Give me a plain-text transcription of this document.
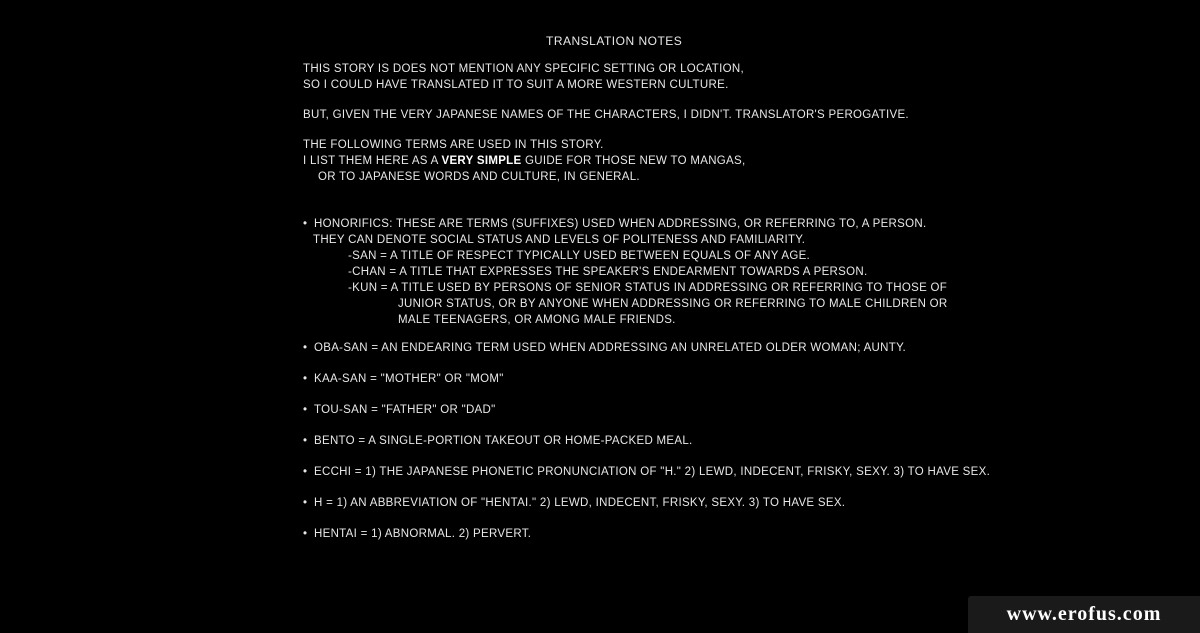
TRANSLATION NOTES
THIS STORY IS DOES NOT MENTION ANY SPECIFIC SETTING OR LOCATION,
SO I COULD HAVE TRANSLATED IT TO SUIT A MORE WESTERN CULTURE.
BUT, GIVEN THE VERY JAPANESE NAMES OF THE CHARACTERS, I DIDN'T. TRANSLATOR'S PEROGATIVE.
THE FOLLOWING TERMS ARE USED IN THIS STORY.
I LIST THEM HERE AS A VERY SIMPLE GUIDE FOR THOSE NEW TO MANGAS,
OR TO JAPANESE WORDS AND CULTURE, IN GENERAL.
• HONORIFICS: THESE ARE TERMS (SUFFIXES) USED WHEN ADDRESSING, OR REFERRING TO, A PERSON.
THEY CAN DENOTE SOCIAL STATUS AND LEVELS OF POLITENESS AND FAMILIARITY.
-SAN = A TITLE OF RESPECT TYPICALLY USED BETWEEN EQUALS OF ANY AGE.
-CHAN = A TITLE THAT EXPRESSES THE SPEAKER'S ENDEARMENT TOWARDS A PERSON.
-KUN = A TITLE USED BY PERSONS OF SENIOR STATUS IN ADDRESSING OR REFERRING TO THOSE OF
JUNIOR STATUS, OR BY ANYONE WHEN ADDRESSING OR REFERRING TO MALE CHILDREN OR
MALE TEENAGERS, OR AMONG MALE FRIENDS.
• OBA-SAN = AN ENDEARING TERM USED WHEN ADDRESSING AN UNRELATED OLDER WOMAN; AUNTY.
• KAA-SAN = "MOTHER" OR "MOM"
• TOU-SAN = "FATHER" OR "DAD"
• BENTO = A SINGLE-PORTION TAKEOUT OR HOME-PACKED MEAL.
• ECCHI = 1) THE JAPANESE PHONETIC PRONUNCIATION OF "H." 2) LEWD, INDECENT, FRISKY, SEXY. 3) TO HAVE SEX.
• H = 1) AN ABBREVIATION OF "HENTAI." 2) LEWD, INDECENT, FRISKY, SEXY. 3) TO HAVE SEX.
• HENTAI = 1) ABNORMAL. 2) PERVERT.
www.erofus.com
